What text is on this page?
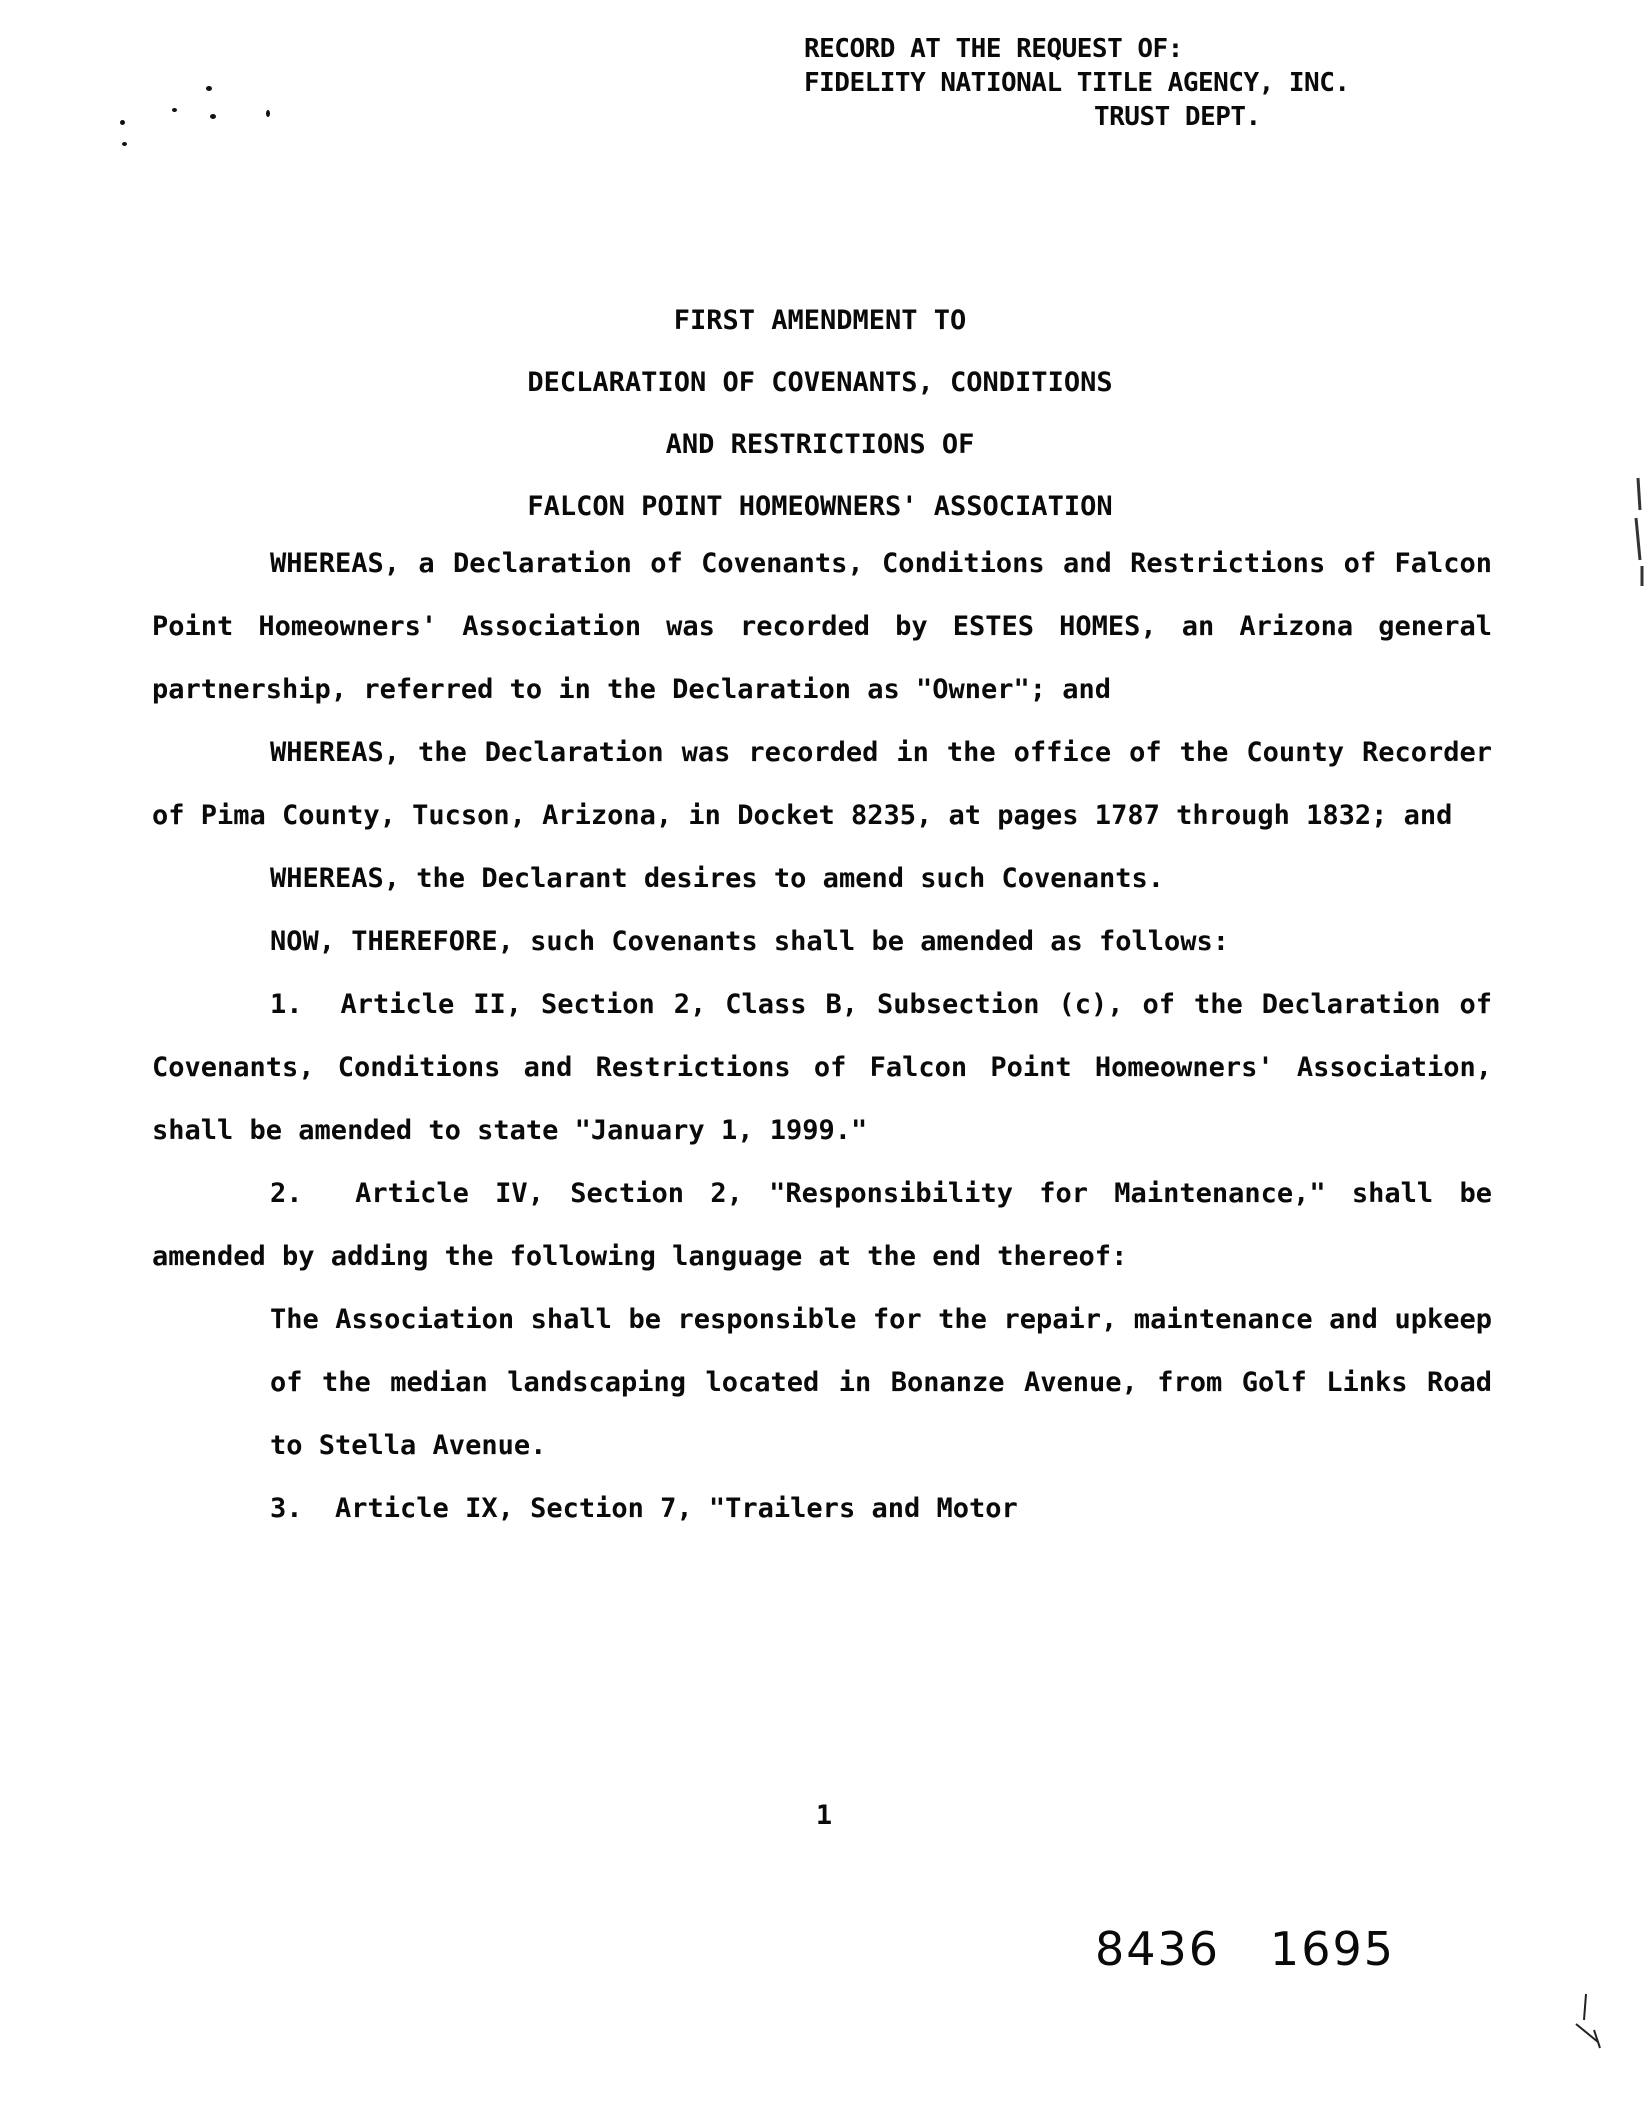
RECORD AT THE REQUEST OF:
FIDELITY NATIONAL TITLE AGENCY, INC.
TRUST DEPT.
FIRST AMENDMENT TO
DECLARATION OF COVENANTS, CONDITIONS
AND RESTRICTIONS OF
FALCON POINT HOMEOWNERS' ASSOCIATION

WHEREAS, a Declaration of Covenants, Conditions and Restrictions of Falcon Point Homeowners' Association was recorded by ESTES HOMES, an Arizona general partnership, referred to in the Declaration as "Owner"; and

WHEREAS, the Declaration was recorded in the office of the County Recorder of Pima County, Tucson, Arizona, in Docket 8235, at pages 1787 through 1832; and

WHEREAS, the Declarant desires to amend such Covenants.

NOW, THEREFORE, such Covenants shall be amended as follows:

1.  Article II, Section 2, Class B, Subsection (c), of the Declaration of Covenants, Conditions and Restrictions of Falcon Point Homeowners' Association, shall be amended to state "January 1, 1999."

2.  Article IV, Section 2, "Responsibility for Maintenance," shall be amended by adding the following language at the end thereof:

The Association shall be responsible for the repair, maintenance and upkeep of the median landscaping located in Bonanze Avenue, from Golf Links Road to Stella Avenue.

3.  Article IX, Section 7, "Trailers and Motor

1
8436   1695
